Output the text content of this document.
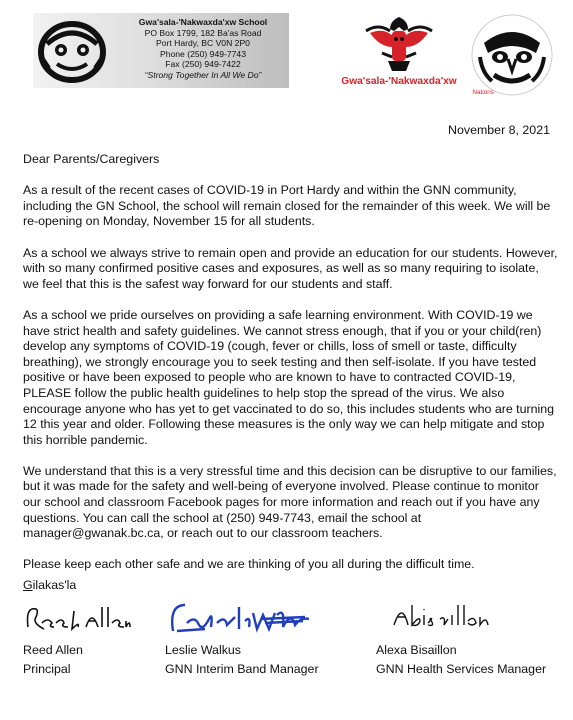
Gwa'sala-'Nakwaxda'xw School
PO Box 1799, 182 Ba'as Road
Port Hardy, BC V0N 2P0
Phone (250) 949-7743
Fax (250) 949-7422
“Strong Together In All We Do”
Gwa'sala-'Nakwaxda'xw
Nations
November 8, 2021

Dear Parents/Caregivers

As a result of the recent cases of COVID-19 in Port Hardy and within the GNN community, including the GN School, the school will remain closed for the remainder of this week. We will be re-opening on Monday, November 15 for all students.

As a school we always strive to remain open and provide an education for our students. However, with so many confirmed positive cases and exposures, as well as so many requiring to isolate, we feel that this is the safest way forward for our students and staff.

As a school we pride ourselves on providing a safe learning environment. With COVID-19 we have strict health and safety guidelines. We cannot stress enough, that if you or your child(ren) develop any symptoms of COVID-19 (cough, fever or chills, loss of smell or taste, difficulty breathing), we strongly encourage you to seek testing and then self-isolate. If you have tested positive or have been exposed to people who are known to have to contracted COVID-19, PLEASE follow the public health guidelines to help stop the spread of the virus. We also encourage anyone who has yet to get vaccinated to do so, this includes students who are turning 12 this year and older. Following these measures is the only way we can help mitigate and stop this horrible pandemic.

We understand that this is a very stressful time and this decision can be disruptive to our families, but it was made for the safety and well-being of everyone involved. Please continue to monitor our school and classroom Facebook pages for more information and reach out if you have any questions. You can call the school at (250) 949-7743, email the school at manager@gwanak.bc.ca, or reach out to our classroom teachers.

Please keep each other safe and we are thinking of you all during the difficult time.

Gilakas'la
Reed Allen
Principal
Leslie Walkus
GNN Interim Band Manager
Alexa Bisaillon
GNN Health Services Manager
